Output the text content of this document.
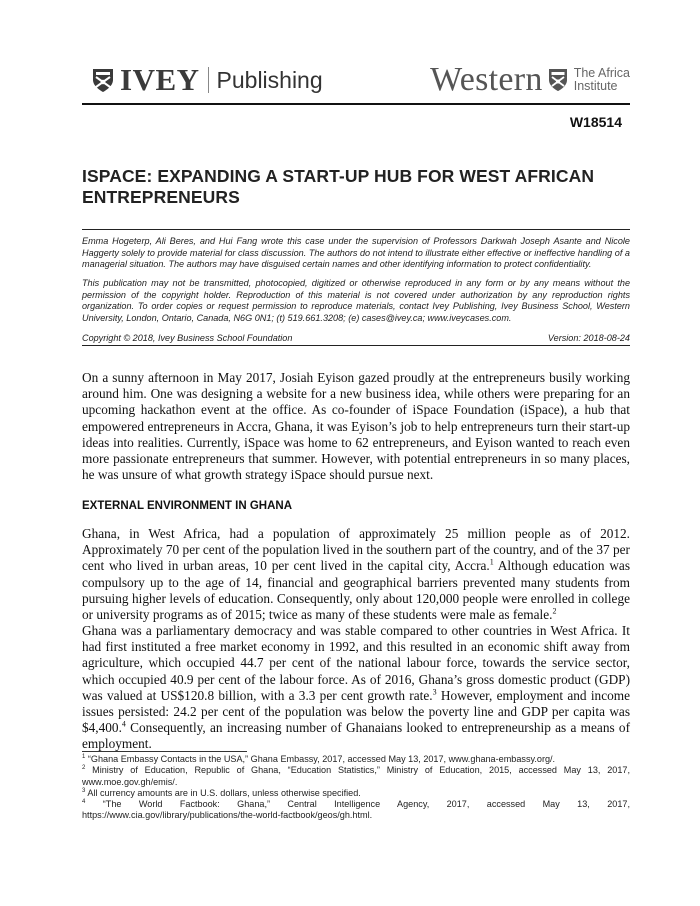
IVEY Publishing	Western The Africa
Institute
W18514
ISPACE: EXPANDING A START-UP HUB FOR WEST AFRICAN ENTREPRENEURS
Emma Hogeterp, Ali Beres, and Hui Fang wrote this case under the supervision of Professors Darkwah Joseph Asante and Nicole Haggerty solely to provide material for class discussion. The authors do not intend to illustrate either effective or ineffective handling of a managerial situation. The authors may have disguised certain names and other identifying information to protect confidentiality.
This publication may not be transmitted, photocopied, digitized or otherwise reproduced in any form or by any means without the permission of the copyright holder. Reproduction of this material is not covered under authorization by any reproduction rights organization. To order copies or request permission to reproduce materials, contact Ivey Publishing, Ivey Business School, Western University, London, Ontario, Canada, N6G 0N1; (t) 519.661.3208; (e) cases@ivey.ca; www.iveycases.com.
Copyright © 2018, Ivey Business School Foundation	Version: 2018-08-24

On a sunny afternoon in May 2017, Josiah Eyison gazed proudly at the entrepreneurs busily working around him. One was designing a website for a new business idea, while others were preparing for an upcoming hackathon event at the office. As co-founder of iSpace Foundation (iSpace), a hub that empowered entrepreneurs in Accra, Ghana, it was Eyison’s job to help entrepreneurs turn their start-up ideas into realities. Currently, iSpace was home to 62 entrepreneurs, and Eyison wanted to reach even more passionate entrepreneurs that summer. However, with potential entrepreneurs in so many places, he was unsure of what growth strategy iSpace should pursue next.

EXTERNAL ENVIRONMENT IN GHANA

Ghana, in West Africa, had a population of approximately 25 million people as of 2012. Approximately 70 per cent of the population lived in the southern part of the country, and of the 37 per cent who lived in urban areas, 10 per cent lived in the capital city, Accra.$^1$ Although education was compulsory up to the age of 14, financial and geographical barriers prevented many students from pursuing higher levels of education. Consequently, only about 120,000 people were enrolled in college or university programs as of 2015; twice as many of these students were male as female.$^2$

Ghana was a parliamentary democracy and was stable compared to other countries in West Africa. It had first instituted a free market economy in 1992, and this resulted in an economic shift away from agriculture, which occupied 44.7 per cent of the national labour force, towards the service sector, which occupied 40.9 per cent of the labour force. As of 2016, Ghana’s gross domestic product (GDP) was valued at US$120.8 billion, with a 3.3 per cent growth rate.$^3$ However, employment and income issues persisted: 24.2 per cent of the population was below the poverty line and GDP per capita was $4,400.$^4$ Consequently, an increasing number of Ghanaians looked to entrepreneurship as a means of employment.

$^1$ “Ghana Embassy Contacts in the USA,” Ghana Embassy, 2017, accessed May 13, 2017, www.ghana-embassy.org/.
$^2$ Ministry of Education, Republic of Ghana, “Education Statistics,” Ministry of Education, 2015, accessed May 13, 2017, www.moe.gov.gh/emis/.
$^3$ All currency amounts are in U.S. dollars, unless otherwise specified.
$^4$ “The World Factbook: Ghana,” Central Intelligence Agency, 2017, accessed May 13, 2017,
https://www.cia.gov/library/publications/the-world-factbook/geos/gh.html.
